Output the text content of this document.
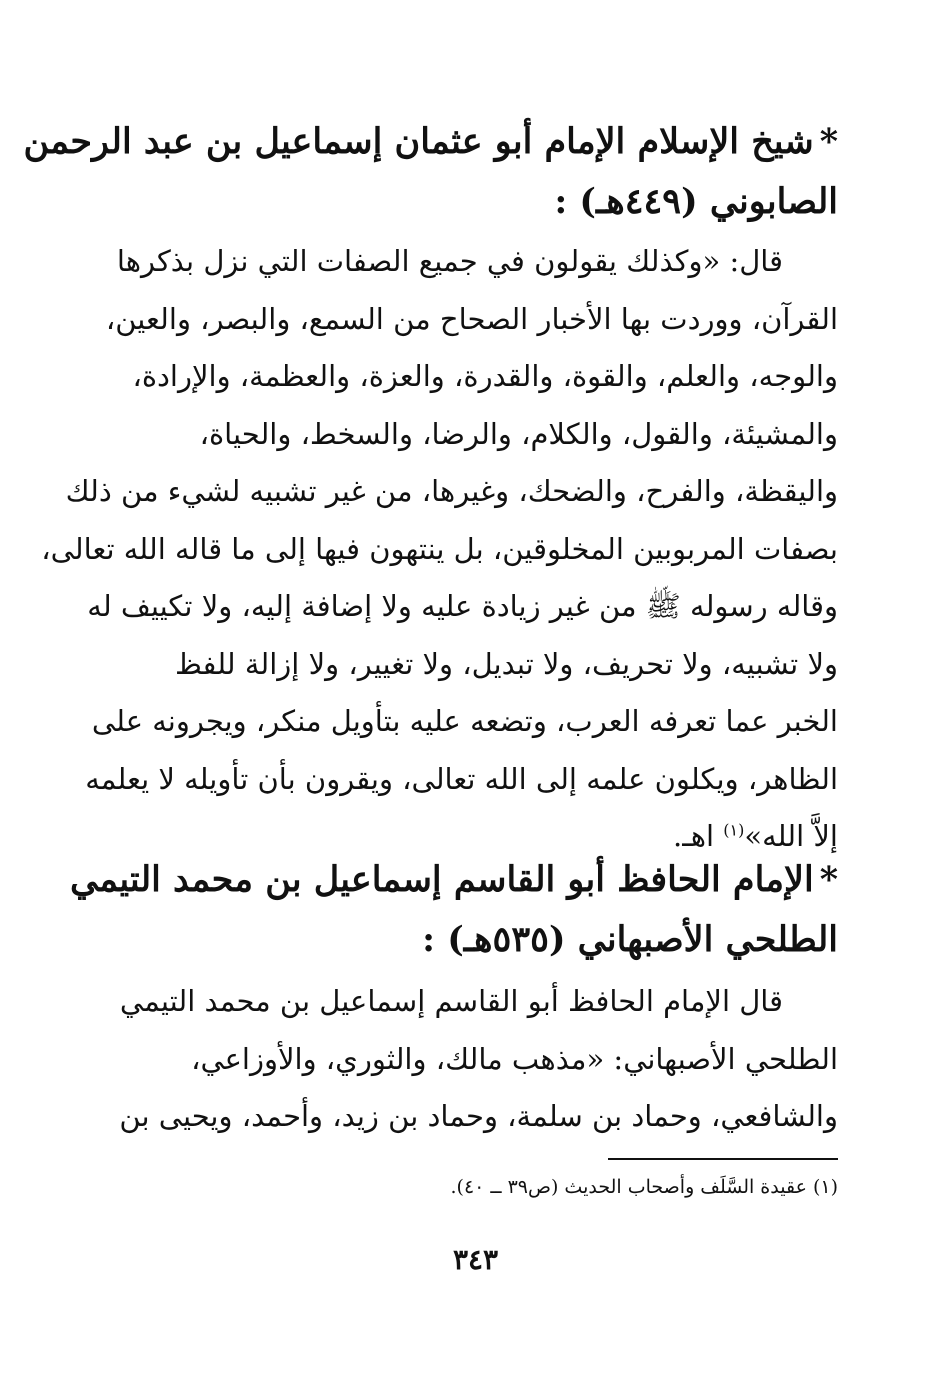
*شيخ الإسلام الإمام أبو عثمان إسماعيل بن عبد الرحمن
الصابوني (٤٤٩هـ) :
قال: «وكذلك يقولون في جميع الصفات التي نزل بذكرها
القرآن، ووردت بها الأخبار الصحاح من السمع، والبصر، والعين،
والوجه، والعلم، والقوة، والقدرة، والعزة، والعظمة، والإرادة،
والمشيئة، والقول، والكلام، والرضا، والسخط، والحياة،
واليقظة، والفرح، والضحك، وغيرها، من غير تشبيه لشيء من ذلك
بصفات المربوبين المخلوقين، بل ينتهون فيها إلى ما قاله الله تعالى،
وقاله رسوله ﷺ من غير زيادة عليه ولا إضافة إليه، ولا تكييف له
ولا تشبيه، ولا تحريف، ولا تبديل، ولا تغيير، ولا إزالة للفظ
الخبر عما تعرفه العرب، وتضعه عليه بتأويل منكر، ويجرونه على
الظاهر، ويكلون علمه إلى الله تعالى، ويقرون بأن تأويله لا يعلمه
إلاَّ الله»$^{(١)}$ اهـ.
*الإمام الحافظ أبو القاسم إسماعيل بن محمد التيمي
الطلحي الأصبهاني (٥٣٥هـ) :
قال الإمام الحافظ أبو القاسم إسماعيل بن محمد التيمي
الطلحي الأصبهاني: «مذهب مالك، والثوري، والأوزاعي،
والشافعي، وحماد بن سلمة، وحماد بن زيد، وأحمد، ويحيى بن
(١) عقيدة السَّلَف وأصحاب الحديث (ص٣٩ ــ ٤٠).
٣٤٣
